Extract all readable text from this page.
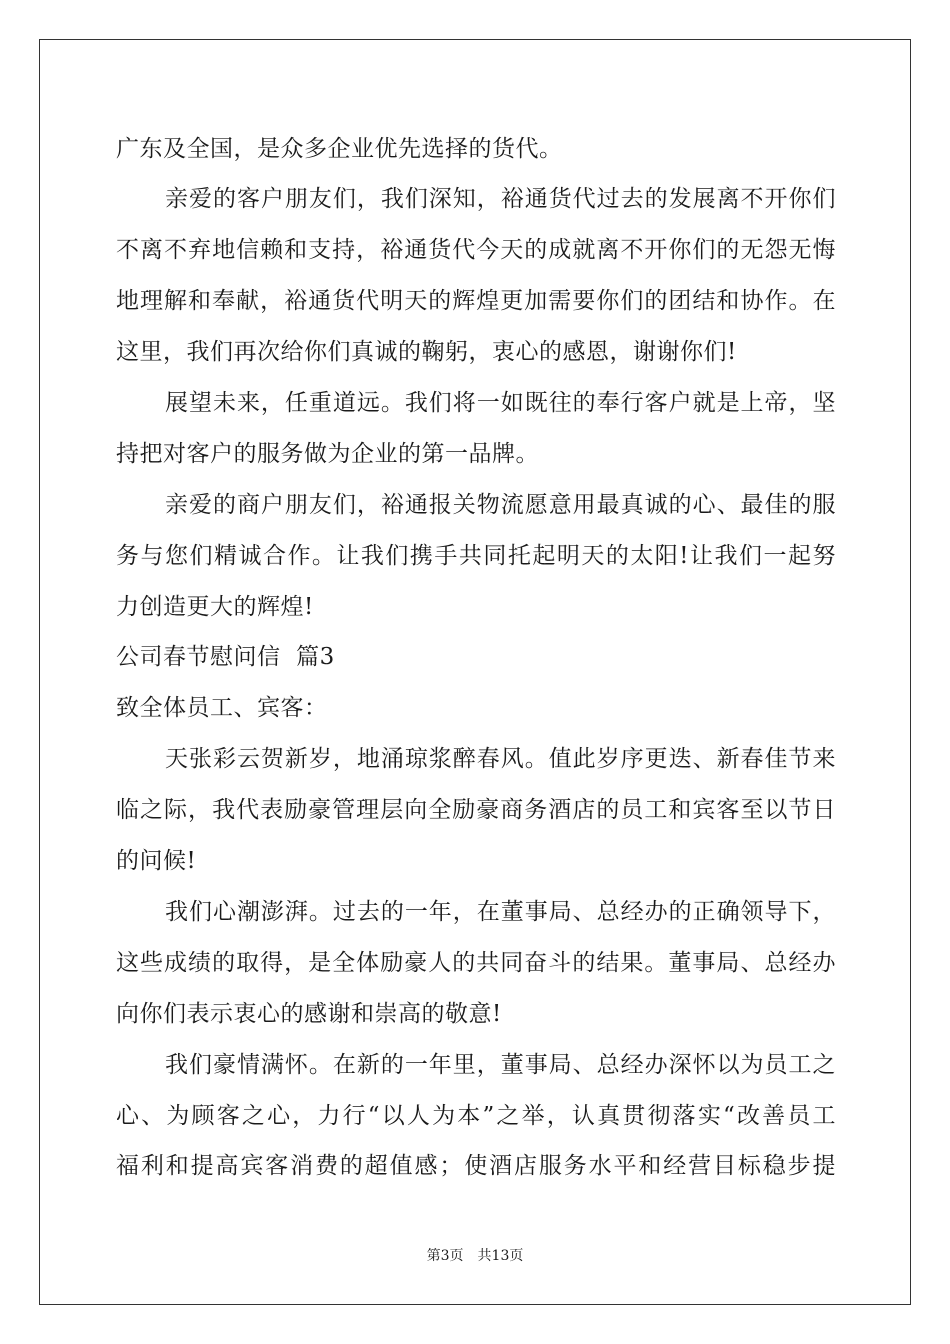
广东及全国，是众多企业优先选择的货代。
亲爱的客户朋友们，我们深知，裕通货代过去的发展离不开你们
不离不弃地信赖和支持，裕通货代今天的成就离不开你们的无怨无悔
地理解和奉献，裕通货代明天的辉煌更加需要你们的团结和协作。在
这里，我们再次给你们真诚的鞠躬，衷心的感恩，谢谢你们!
展望未来，任重道远。我们将一如既往的奉行客户就是上帝，坚
持把对客户的服务做为企业的第一品牌。
亲爱的商户朋友们，裕通报关物流愿意用最真诚的心、最佳的服
务与您们精诚合作。让我们携手共同托起明天的太阳!让我们一起努
力创造更大的辉煌!
公司春节慰问信  篇3
致全体员工、宾客：
天张彩云贺新岁，地涌琼浆醉春风。值此岁序更迭、新春佳节来
临之际，我代表励豪管理层向全励豪商务酒店的员工和宾客至以节日
的问候!
我们心潮澎湃。过去的一年，在董事局、总经办的正确领导下，
这些成绩的取得，是全体励豪人的共同奋斗的结果。董事局、总经办
向你们表示衷心的感谢和崇高的敬意!
我们豪情满怀。在新的一年里，董事局、总经办深怀以为员工之
心、为顾客之心，力行“以人为本”之举，认真贯彻落实“改善员工
福利和提高宾客消费的超值感；使酒店服务水平和经营目标稳步提
第3页 共13页
